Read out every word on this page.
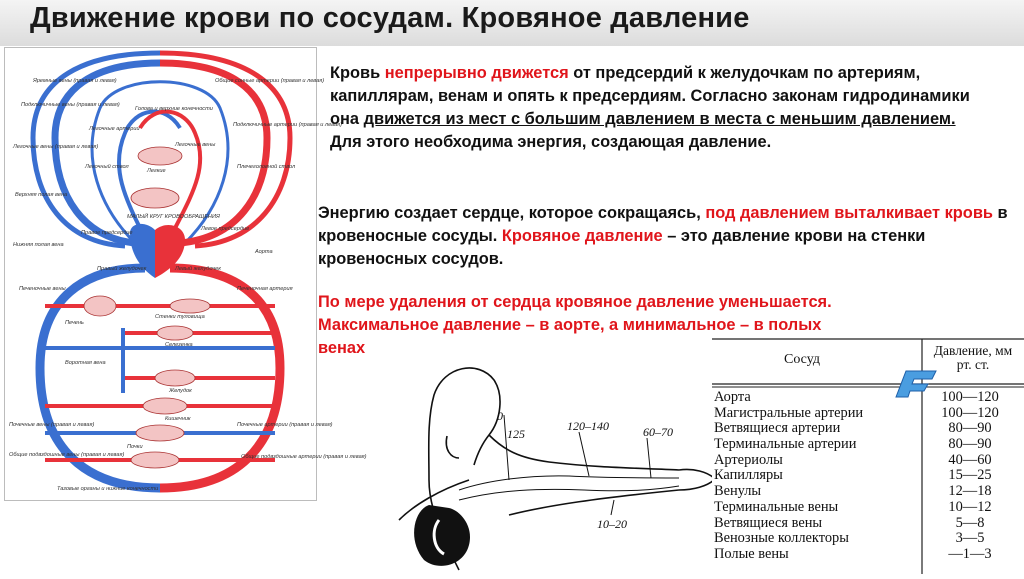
Движение крови по сосудам. Кровяное давление
Яремные вены (правая и левая)
Подключичные вены (правая и левая)
Легочные артерии
Голова и верхние конечности
Общие сонные артерии (правая и левая)
Подключичные артерии (правая и левая)
Легочные вены
Легочные вены (правая и левая)
Легочный ствол
Легкие
Плечеголовной ствол
МАЛЫЙ КРУГ КРОВООБРАЩЕНИЯ
Верхняя полая вена
Правое предсердие
Левое предсердие
Нижняя полая вена
Правый желудочек	Левый желудочек
Аорта
Печеночные вены	Печеночная артерия
Стенки туловища
Печень
Селезенка
Воротная вена
Желудок
Кишечник
Почечные вены (правая и левая)
Почки
Почечные артерии (правая и левая)
Общие подвздошные вены (правая и левая)	Общие подвздошные артерии (правая и левая)
Тазовые органы и нижние конечности
Кровь непрерывно движется от предсердий к желудочкам по артериям, капиллярам, венам и опять к предсердиям. Согласно законам гидродинамики она движется из мест с большим давлением в места с меньшим давлением. Для этого необходима энергия, создающая давление.
Энергию создает сердце, которое сокращаясь, под давлением выталкивает кровь в кровеносные сосуды. Кровяное давление – это давление крови на стенки кровеносных сосудов.
По мере удаления от сердца кровяное давление уменьшается.
Максимальное давление – в аорте, а минимальное – в полых
венах
0
125
120–140	60–70
10–20
Сосуд
Давление, мм
рт. ст.
Аорта	100—120
Магистральные артерии	100—120
Ветвящиеся артерии	80—90
Терминальные артерии	80—90
Артериолы	40—60
Капилляры	15—25
Венулы	12—18
Терминальные вены	10—12
Ветвящиеся вены	5—8
Венозные коллекторы	3—5
Полые вены	—1—3
